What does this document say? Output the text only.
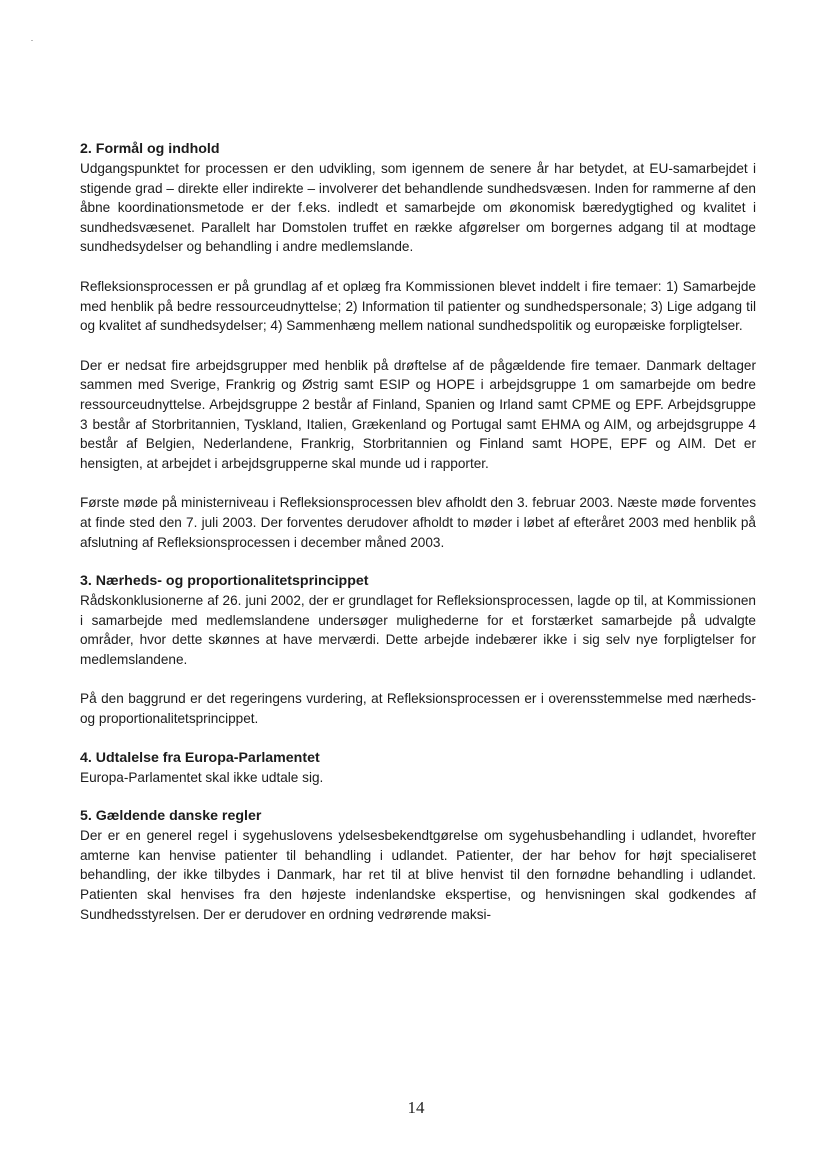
2. Formål og indhold

Udgangspunktet for processen er den udvikling, som igennem de senere år har betydet, at EU-samarbejdet i stigende grad – direkte eller indirekte – involverer det behandlende sundhedsvæsen. Inden for rammerne af den åbne koordinationsmetode er der f.eks. indledt et samarbejde om økonomisk bæredygtighed og kvalitet i sundhedsvæsenet. Parallelt har Domstolen truffet en række afgørelser om borgernes adgang til at modtage sundhedsydelser og behandling i andre medlemslande.

Refleksionsprocessen er på grundlag af et oplæg fra Kommissionen blevet inddelt i fire temaer: 1) Samarbejde med henblik på bedre ressourceudnyttelse; 2) Information til patienter og sundhedspersonale; 3) Lige adgang til og kvalitet af sundhedsydelser; 4) Sammenhæng mellem national sundhedspolitik og europæiske forpligtelser.

Der er nedsat fire arbejdsgrupper med henblik på drøftelse af de pågældende fire temaer. Danmark deltager sammen med Sverige, Frankrig og Østrig samt ESIP og HOPE i arbejdsgruppe 1 om samarbejde om bedre ressourceudnyttelse. Arbejdsgruppe 2 består af Finland, Spanien og Irland samt CPME og EPF. Arbejdsgruppe 3 består af Storbritannien, Tyskland, Italien, Grækenland og Portugal samt EHMA og AIM, og arbejdsgruppe 4 består af Belgien, Nederlandene, Frankrig, Storbritannien og Finland samt HOPE, EPF og AIM. Det er hensigten, at arbejdet i arbejdsgrupperne skal munde ud i rapporter.

Første møde på ministerniveau i Refleksionsprocessen blev afholdt den 3. februar 2003. Næste møde forventes at finde sted den 7. juli 2003. Der forventes derudover afholdt to møder i løbet af efteråret 2003 med henblik på afslutning af Refleksionsprocessen i december måned 2003.

3. Nærheds- og proportionalitetsprincippet

Rådskonklusionerne af 26. juni 2002, der er grundlaget for Refleksionsprocessen, lagde op til, at Kommissionen i samarbejde med medlemslandene undersøger mulighederne for et forstærket samarbejde på udvalgte områder, hvor dette skønnes at have merværdi. Dette arbejde indebærer ikke i sig selv nye forpligtelser for medlemslandene.

På den baggrund er det regeringens vurdering, at Refleksionsprocessen er i overensstemmelse med nærheds- og proportionalitetsprincippet.

4. Udtalelse fra Europa-Parlamentet

Europa-Parlamentet skal ikke udtale sig.

5. Gældende danske regler

Der er en generel regel i sygehuslovens ydelsesbekendtgørelse om sygehusbehandling i udlandet, hvorefter amterne kan henvise patienter til behandling i udlandet. Patienter, der har behov for højt specialiseret behandling, der ikke tilbydes i Danmark, har ret til at blive henvist til den fornødne behandling i udlandet. Patienten skal henvises fra den højeste indenlandske ekspertise, og henvisningen skal godkendes af Sundhedsstyrelsen. Der er derudover en ordning vedrørende maksi-

14
